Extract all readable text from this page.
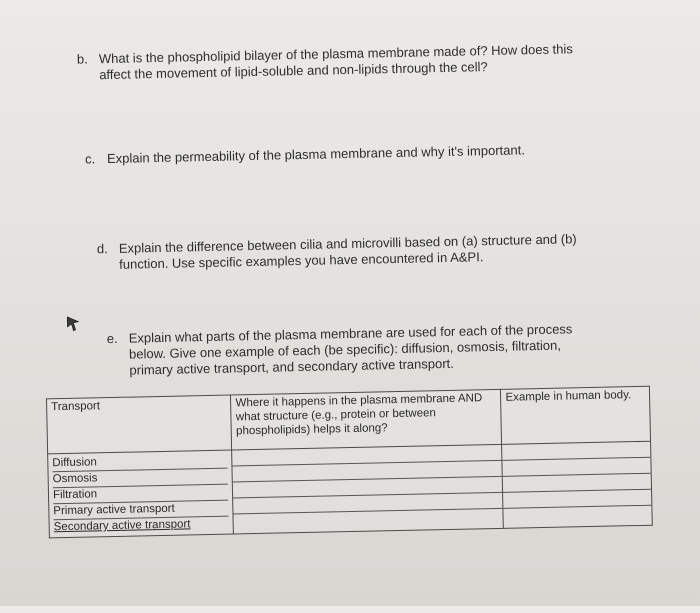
b. What is the phospholipid bilayer of the plasma membrane made of? How does this affect the movement of lipid-soluble and non-lipids through the cell?
c. Explain the permeability of the plasma membrane and why it's important.
d. Explain the difference between cilia and microvilli based on (a) structure and (b) function. Use specific examples you have encountered in A&PI.
e. Explain what parts of the plasma membrane are used for each of the process below. Give one example of each (be specific): diffusion, osmosis, filtration, primary active transport, and secondary active transport.
Transport	Where it happens in the plasma membrane AND what structure (e.g., protein or between phospholipids) helps it along?	Example in human body.

Diffusion
Osmosis
Filtration
Primary active transport
Secondary active transport		
